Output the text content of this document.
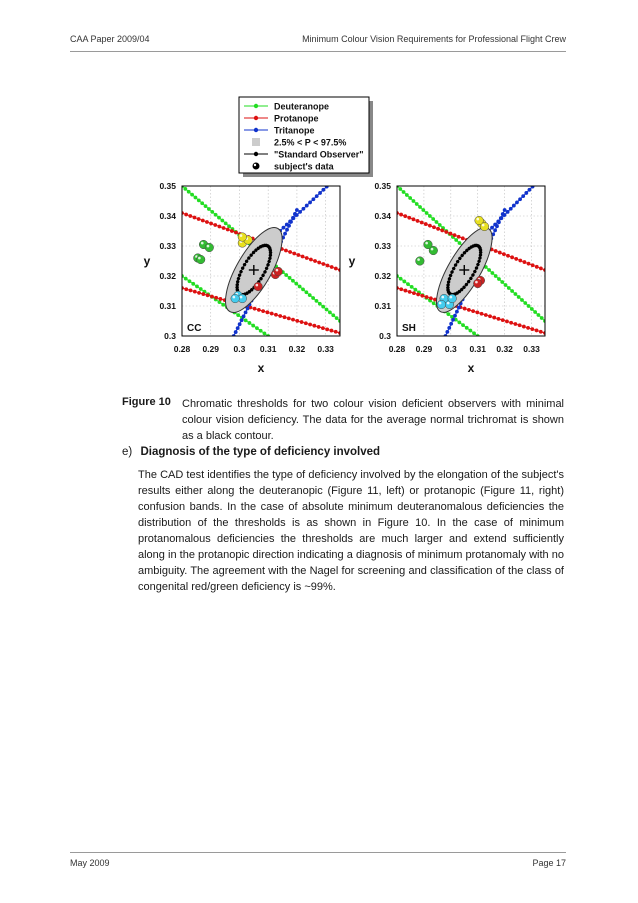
CAA Paper 2009/04	Minimum Colour Vision Requirements for Professional Flight Crew
Deuteranope
Protanope
Tritanope
2.5% < P < 97.5%
"Standard Observer"
subject's data
CC
0.28 0.29 0.3 0.31 0.32 0.33
0.3
0.31
0.32
0.33
0.34
0.35
x
y
SH
0.28 0.29 0.3 0.31 0.32 0.33
0.3
0.31
0.32
0.33
0.34
0.35
x
y
Figure 10 Chromatic thresholds for two colour vision deficient observers with minimal colour vision deficiency. The data for the average normal trichromat is shown as a black contour.
e) Diagnosis of the type of deficiency involved
The CAD test identifies the type of deficiency involved by the elongation of the subject's results either along the deuteranopic (Figure 11, left) or protanopic (Figure 11, right) confusion bands. In the case of absolute minimum deuteranomalous deficiencies the distribution of the thresholds is as shown in Figure 10. In the case of minimum protanomalous deficiencies the thresholds are much larger and extend sufficiently along in the protanopic direction indicating a diagnosis of minimum protanomaly with no ambiguity. The agreement with the Nagel for screening and classification of the class of congenital red/green deficiency is ~99%.
May 2009	Page 17
